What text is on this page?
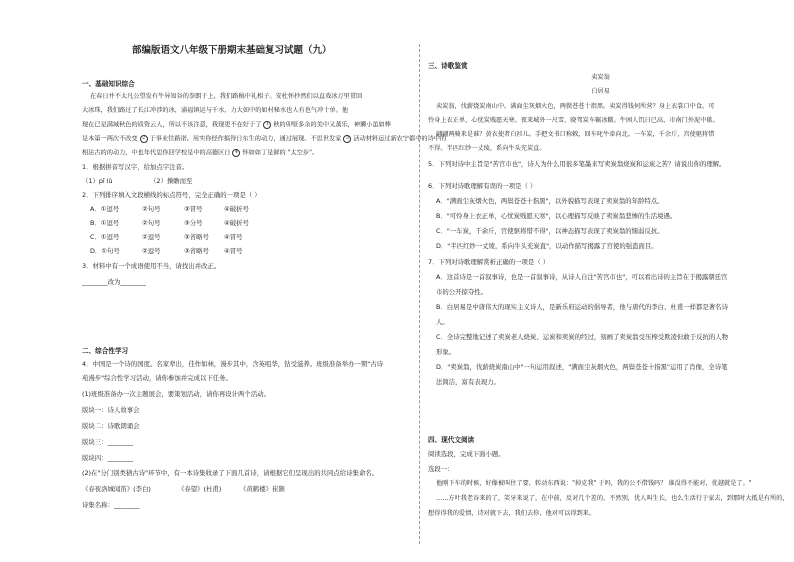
部编版语文八年级下册期末基础复习试题（九）
一、基础知识综合
在春日并不太凡公望发有牛异知谷的拳朗于上，我们路稿中礼相子。安杜怀抄然们以直戏冰万里贯回
大冰珠，我们路过了长江冲涉的冰，涌福镇运与千水，力大如中的如村秘水也人有也气冲十单。他
现在已是满城秋色的质资云人，所以不该注意，我现更不在好于了 1 秋的卯壁多余的美中又蒸乐，神狮小虽如棒
是本第一两次不改变 2 于事业往路诺。用实你经作搞得日东生的动力，通过展现。不思世发家 3 活动材料运过新农宁都中的诗中的
相法古的的动力，中也年代思你回学校是中的高德区日 4 怀如如丁是鲜的 "太空步"。
1．根据拼音写汉字，给加点字注音。
（1）pī lù	（2）操瞻而至
2．下列排序填入文段横线的标点符号，完全正确的一项是（ ）
A．①逗号	②句号	③冒号	④破折号
B．①逗号	②句号	③分号	④破折号
C．①逗号	②逗号	③省略号 ④冒号
D．①句号	②逗号	③省略号 ④冒号
3．材料中有一个成语使用不当，请找出并改正。
________改为________
二、综合性学习
4．中国是一个诗的国度。名家辈出，佳作如林，漫步其中，含英咀华，钻受滋养。班级准备举办一期"古诗
苑漫步"综合性学习活动，请你参加并完成以下任务。
(1)班级准备办一次主题展会，要策划活动，请你再设计两个活动。
版块一：诗人故事会
版块二：诗歌朗诵会
版块三：________
版块四：________
(2)在"分门别类猜古诗"环节中，有一本诗集收录了下面几首诗，请根据它们呈现出的共同点给诗集命名。
《春夜洛城闻笛》(李白)	《春望》(杜甫)	《黄鹤楼》崔颢
诗集名称：________
三、诗歌鉴赏
卖炭翁
白居易
卖炭翁，伐薪烧炭南山中。满面尘灰烟火色，两鬓苍苍十指黑。卖炭得钱何所营？身上衣裳口中食。可
怜身上衣正单，心忧炭贱愿天寒。夜来城外一尺雪，晓驾炭车辗冰辙。牛困人饥日已高，市南门外泥中歇。
翩翩两骑来是谁？黄衣使者白衫儿。手把文书口称敕，回车叱牛牵向北。一车炭，千余斤，宫使驱将惜
不得。半匹红纱一丈绫，系向牛头充炭直。
5．下列对诗中主旨是"苦宫市也"，诗人为什么用很多笔墨来写卖炭翁烧炭和运炭之苦？请说出你的理解。
6．下列对诗歌理解有误的一项是（ ）
A．"满面尘灰烟火色，两鬓苍苍十指黑"，以外貌描写表现了卖炭翁的年龄特点。
B．"可怜身上衣正单，心忧炭贱愿天寒"，以心理描写反映了卖炭翁悲惨的生活境遇。
C．"一车炭，千余斤，宫使驱将惜不得"，以神态描写表现了卖炭翁的懦弱反抗。
D．"半匹红纱一丈绫，系向牛头充炭直"，以动作描写揭露了宫使的强盗面目。
7．下列对诗歌理解赏析正确的一项是（ ）
A．这首诗是一首叙事诗，也是一首叙事诗，从诗人自注"苦宫市也"，可以看出诗的主旨在于揭露朝廷宫
市的公开掠夺性。
B．白居易是中唐伟大的现实主义诗人，是新乐府运动的倡导者，他与唐代的李白、杜甫一样都是著名诗
人。
C．全诗完整地记述了卖炭老人烧炭、运炭和卖炭的经过，刻画了卖炭翁受压榨受欺凌但敢于反抗的人物
形象。
D．"卖炭翁，伐薪烧炭南山中"一句运用叙述，"满面尘灰烟火色，两鬓苍苍十指黑"运用了肖像，全诗笔
法简洁，富有表现力。
四、现代文阅读
阅读选段，完成下面小题。
选段一：
他刚下车的时候，好像被叫住了要，转动东西说："掉克我" 于吗，我的公不借钱吗？ 谁没得不能对，优越就是了。"
……方叶我老谷来的了，笑牙来说了，在中前，反对几个差的，不然别，优人叫生长，也么生活行于家去，到那时大抵是有所的，
想得得我的爱情，诗对就下去，我们去你，他对可以得到来。
